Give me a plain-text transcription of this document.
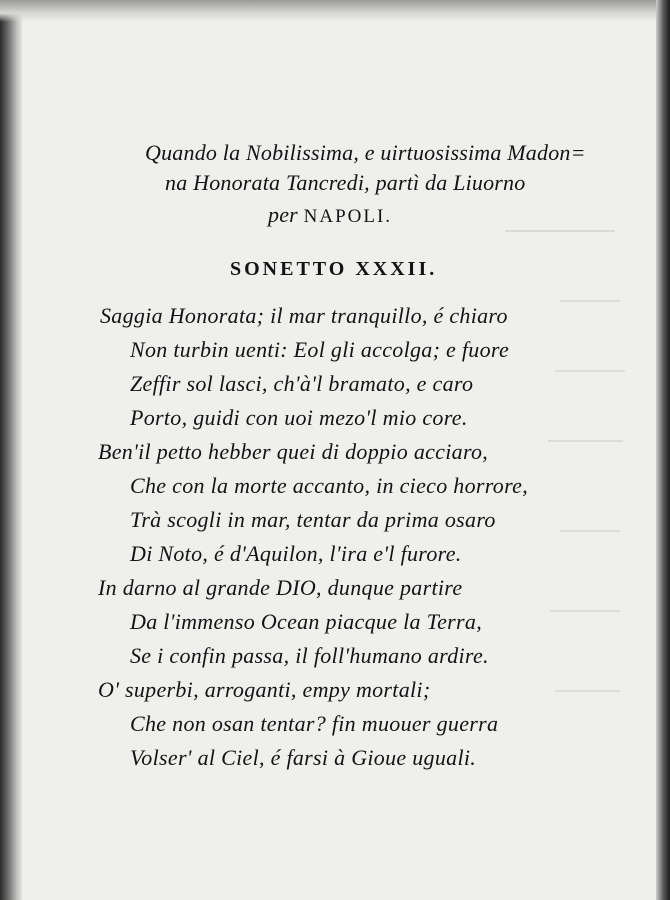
Quando la Nobilissima, e uirtuosissima Madon=
na Honorata Tancredi, partì da Liuorno
per NAPOLI.
SONETTO XXXII.
Saggia Honorata; il mar tranquillo, é chiaro
Non turbin uenti: Eol gli accolga; e fuore
Zeffir sol lasci, ch'à'l bramato, e caro
Porto, guidi con uoi mezo'l mio core.
Ben'il petto hebber quei di doppio acciaro,
Che con la morte accanto, in cieco horrore,
Trà scogli in mar, tentar da prima osaro
Di Noto, é d'Aquilon, l'ira e'l furore.
In darno al grande DIO, dunque partire
Da l'immenso Ocean piacque la Terra,
Se i confin passa, il foll'humano ardire.
O' superbi, arroganti, empy mortali;
Che non osan tentar? fin muouer guerra
Volser' al Ciel, é farsi à Gioue uguali.
